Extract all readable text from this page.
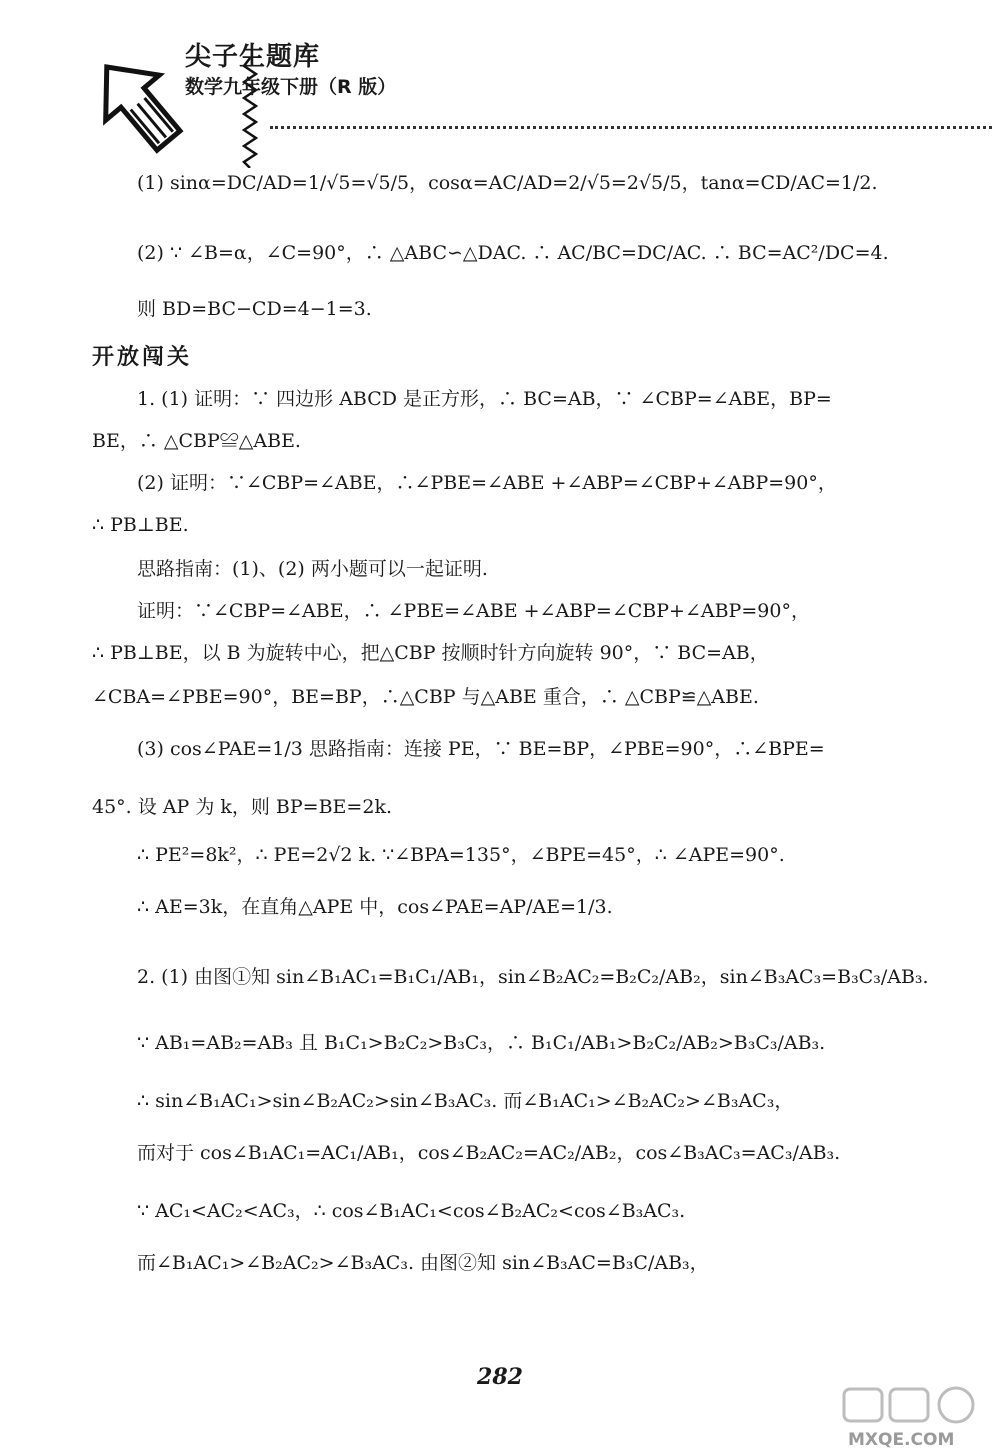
尖子生题库
数学九年级下册（R 版）
(1) sinα=DC/AD=1/√5=√5/5，cosα=AC/AD=2/√5=2√5/5，tanα=CD/AC=1/2.
(2) ∵ ∠B=α，∠C=90°，∴ △ABC∽△DAC. ∴ AC/BC=DC/AC. ∴ BC=AC²/DC=4.
则 BD=BC−CD=4−1=3.
开放闯关
1. (1) 证明：∵ 四边形 ABCD 是正方形，∴ BC=AB，∵ ∠CBP=∠ABE，BP=
BE，∴ △CBP≌△ABE.
(2) 证明：∵∠CBP=∠ABE，∴∠PBE=∠ABE +∠ABP=∠CBP+∠ABP=90°，
∴ PB⊥BE.
思路指南：(1)、(2) 两小题可以一起证明.
证明：∵∠CBP=∠ABE，∴ ∠PBE=∠ABE +∠ABP=∠CBP+∠ABP=90°，
∴ PB⊥BE，以 B 为旋转中心，把△CBP 按顺时针方向旋转 90°，∵ BC=AB，
∠CBA=∠PBE=90°，BE=BP，∴△CBP 与△ABE 重合，∴ △CBP≌△ABE.
(3) cos∠PAE=1/3 思路指南：连接 PE，∵ BE=BP，∠PBE=90°，∴∠BPE=
45°. 设 AP 为 k，则 BP=BE=2k.
∴ PE²=8k²，∴ PE=2√2 k. ∵∠BPA=135°，∠BPE=45°，∴ ∠APE=90°.
∴ AE=3k，在直角△APE 中，cos∠PAE=AP/AE=1/3.
2. (1) 由图①知 sin∠B₁AC₁=B₁C₁/AB₁，sin∠B₂AC₂=B₂C₂/AB₂，sin∠B₃AC₃=B₃C₃/AB₃.
∵ AB₁=AB₂=AB₃ 且 B₁C₁>B₂C₂>B₃C₃，∴ B₁C₁/AB₁>B₂C₂/AB₂>B₃C₃/AB₃.
∴ sin∠B₁AC₁>sin∠B₂AC₂>sin∠B₃AC₃. 而∠B₁AC₁>∠B₂AC₂>∠B₃AC₃，
而对于 cos∠B₁AC₁=AC₁/AB₁，cos∠B₂AC₂=AC₂/AB₂，cos∠B₃AC₃=AC₃/AB₃.
∵ AC₁<AC₂<AC₃，∴ cos∠B₁AC₁<cos∠B₂AC₂<cos∠B₃AC₃.
而∠B₁AC₁>∠B₂AC₂>∠B₃AC₃. 由图②知 sin∠B₃AC=B₃C/AB₃，
282
MXQE.COM
